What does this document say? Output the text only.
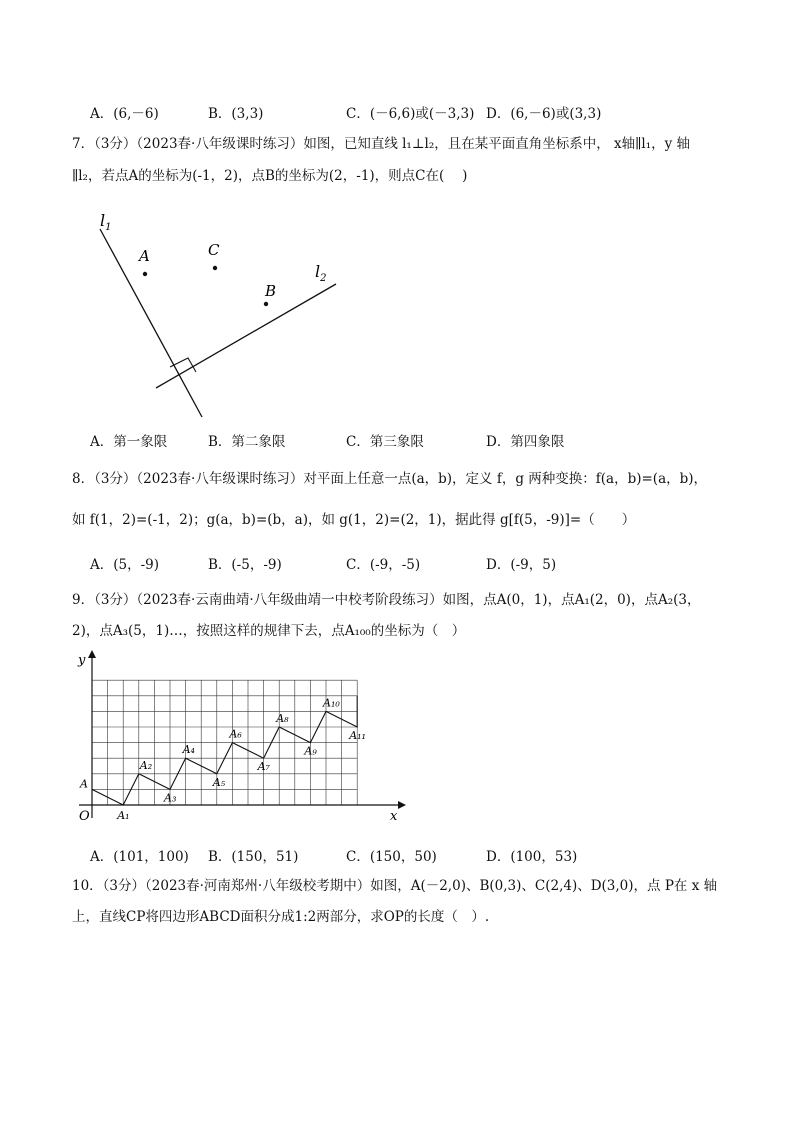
A．(6,－6)	B．(3,3)	C．(－6,6)或(－3,3) D．(6,－6)或(3,3)
7．（3分）（2023春·八年级课时练习）如图，已知直线 l₁⊥l₂，且在某平面直角坐标系中， x轴∥l₁，y 轴
∥l₂，若点A的坐标为(-1，2)，点B的坐标为(2，-1)，则点C在(　 )
$l_1$
$l_2$
A	C
B
A．第一象限	B．第二象限	C．第三象限	D．第四象限
8．（3分）（2023春·八年级课时练习）对平面上任意一点(a，b)，定义 f，g 两种变换：f(a，b)=(a，b)，
如 f(1，2)=(-1，2)；g(a，b)=(b，a)，如 g(1，2)=(2，1)，据此得 g[f(5，-9)]=（　　）
A．(5，-9)	B．(-5，-9)	C．(-9，-5)	D．(-9，5)
9．（3分）（2023春·云南曲靖·八年级曲靖一中校考阶段练习）如图，点A(0，1)，点A₁(2，0)，点A₂(3，
2)，点A₃(5，1)…，按照这样的规律下去，点A₁₀₀的坐标为（　）
x
y
O
A
A₁
A₂
A₃
A₄
A₅
A₆
A₇
A₈
A₉
A₁₀
A₁₁
A．(101，100) B．(150，51)	C．(150，50)	D．(100，53)
10．（3分）（2023春·河南郑州·八年级校考期中）如图，A(－2,0)、B(0,3)、C(2,4)、D(3,0)，点 P在 x 轴
上，直线CP将四边形ABCD面积分成1:2两部分，求OP的长度（　）.
